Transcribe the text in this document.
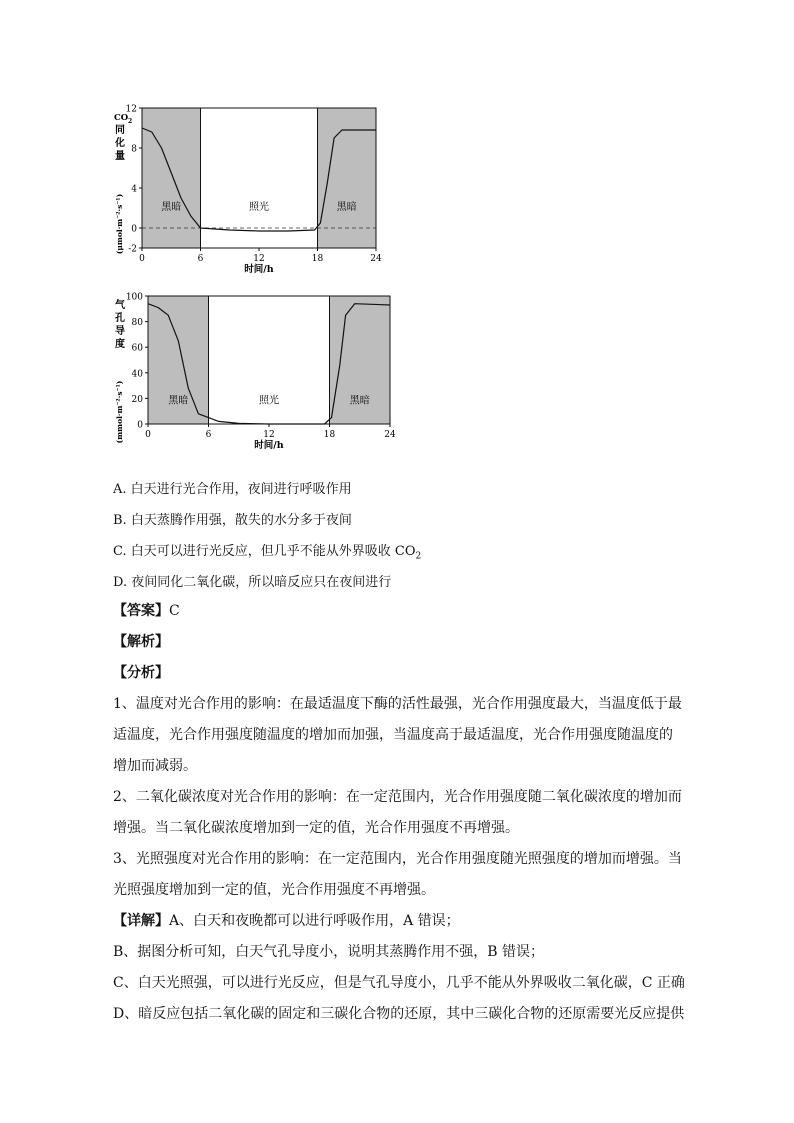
黑暗	照光	黑暗
-2
0
4
8
12
0	6	12	18	24
时间/h
CO 2
同
化
量
(μmol·m⁻²·s⁻¹)
黑暗	照光	黑暗
0
20
40
60
80
100
0	6	12	18	24
时间/h
气
孔
导
度
(mmol·m⁻²·s⁻¹)
A. 白天进行光合作用，夜间进行呼吸作用
B. 白天蒸腾作用强，散失的水分多于夜间
C. 白天可以进行光反应，但几乎不能从外界吸收 $CO_2$
D. 夜间同化二氧化碳，所以暗反应只在夜间进行
【答案】C
【解析】
【分析】
1、温度对光合作用的影响：在最适温度下酶的活性最强，光合作用强度最大，当温度低于最
适温度，光合作用强度随温度的增加而加强，当温度高于最适温度，光合作用强度随温度的
增加而减弱。
2、二氧化碳浓度对光合作用的影响：在一定范围内，光合作用强度随二氧化碳浓度的增加而
增强。当二氧化碳浓度增加到一定的值，光合作用强度不再增强。
3、光照强度对光合作用的影响：在一定范围内，光合作用强度随光照强度的增加而增强。当
光照强度增加到一定的值，光合作用强度不再增强。
【详解】A、白天和夜晚都可以进行呼吸作用，A 错误；
B、据图分析可知，白天气孔导度小，说明其蒸腾作用不强，B 错误；
C、白天光照强，可以进行光反应，但是气孔导度小，几乎不能从外界吸收二氧化碳，C 正确
D、暗反应包括二氧化碳的固定和三碳化合物的还原，其中三碳化合物的还原需要光反应提供
